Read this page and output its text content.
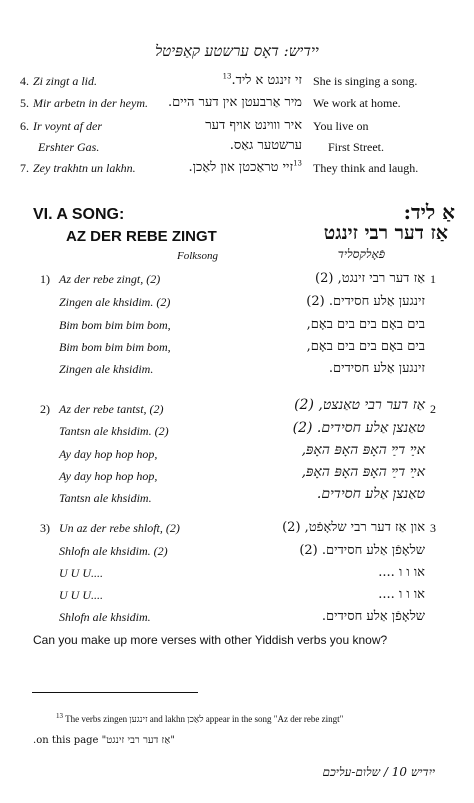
יידיש: דאָס ערשטע קאַפּיטל
4. Zi zingt a lid.	זי זינגט א ליד.$^{13}$	She is singing a song.
5. Mir arbetn in der heym.	מיר אַרבעטן אין דער היים. We work at home.
6. Ir voynt af der	איר וווינט אויף דער You live on
Ershter Gas.	ערשטער גאַס. First Street.
7. Zey trakhtn un lakhn.	$^{13}$זיי טראַכטן און לאַכן.	They think and laugh.
VI. A SONG:	אַ ליד:
AZ DER REBE ZINGT	אַז דער רבי זינגט
Folksong	פֿאָלקסליד
1) Az der rebe zingt, (2)
Zingen ale khsidim. (2)
Bim bom bim bim bom,
Bim bom bim bim bom,
Zingen ale khsidim.
אַז דער רבי זינגט, (2) 1
זינגען אַלע חסידים. (2)
בים באָם בים בים באָם,
בים באָם בים בים באָם,
זינגען אַלע חסידים.
2) Az der rebe tantst, (2)
Tantsn ale khsidim. (2)
Ay day hop hop hop,
Ay day hop hop hop,
Tantsn ale khsidim.
אַז דער רבי טאַנצט, (2) 2
טאַנצן אַלע חסידים. (2)
אײַ דײַ האָפּ האָפּ האָפּ,
אײַ דײַ האָפּ האָפּ האָפּ,
טאַנצן אַלע חסידים.
3) Un az der rebe shloft, (2)
Shlofn ale khsidim. (2)
U U U....
U U U....
Shlofn ale khsidim.
און אַז דער רבי שלאָפֿט, (2) 3
שלאָפֿן אַלע חסידים. (2)
או ו ו ....
או ו ו ....
שלאָפֿן אַלע חסידים.
Can you make up more verses with other Yiddish verbs you know?
$^{13}$ The verbs zingen זינגען and lakhn לאַכן appear in the song "Az der rebe zingt"
"אַז דער רבי זינגט" on this page.
ייִדיש 10 / שלום-עליכם
